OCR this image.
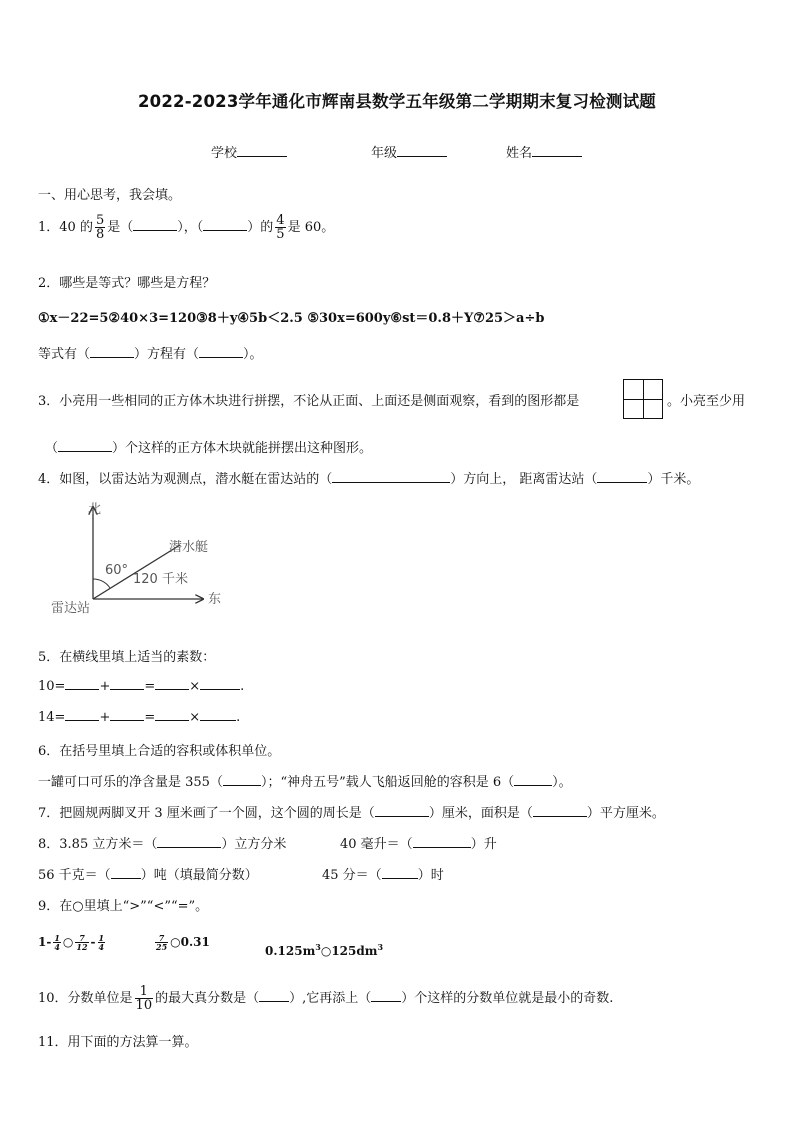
2022-2023学年通化市辉南县数学五年级第二学期期末复习检测试题
学校	年级	姓名
一、用心思考，我会填。
1．40 的 $\frac{5}{8}$ 是（	），（	）的 $\frac{4}{5}$ 是 60。
2．哪些是等式？哪些是方程？
①x－22=5②40×3=120③8＋y④5b＜2.5 ⑤30x=600y⑥st＝0.8＋Y⑦25＞a÷b
等式有（	）方程有（	）。
3．小亮用一些相同的正方体木块进行拼摆，不论从正面、上面还是侧面观察，看到的图形都是	。小亮至少用
（	）个这样的正方体木块就能拼摆出这种图形。
4．如图，以雷达站为观测点，潜水艇在雷达站的（	）方向上， 距离雷达站（	）千米。
北
东
雷达站
潜水艇
60°
120 千米
5．在横线里填上适当的素数：
10=	+	=	×	.
14=	+	=	×	.
6．在括号里填上合适的容积或体积单位。
一罐可口可乐的净含量是 355（	）；“神舟五号”载人飞船返回舱的容积是 6（	）。
7．把圆规两脚叉开 3 厘米画了一个圆，这个圆的周长是（	）厘米，面积是（	）平方厘米。
8．3.85 立方米＝（	）立方分米	40 毫升＝（	）升
56 千克＝（ ）吨（填最简分数）	45 分＝（	）时
9．在○里填上“>”“<”“=”。
$1- \frac{1}{4}$ ○ $\frac{7}{12} - \frac{1}{4}$	$\frac{7}{25}$ ○0.31
$0.125m^3○125dm^3$
10．分数单位是 $\frac{1}{10}$ 的最大真分数是（ ）,它再添上（ ）个这样的分数单位就是最小的奇数.
11．用下面的方法算一算。
